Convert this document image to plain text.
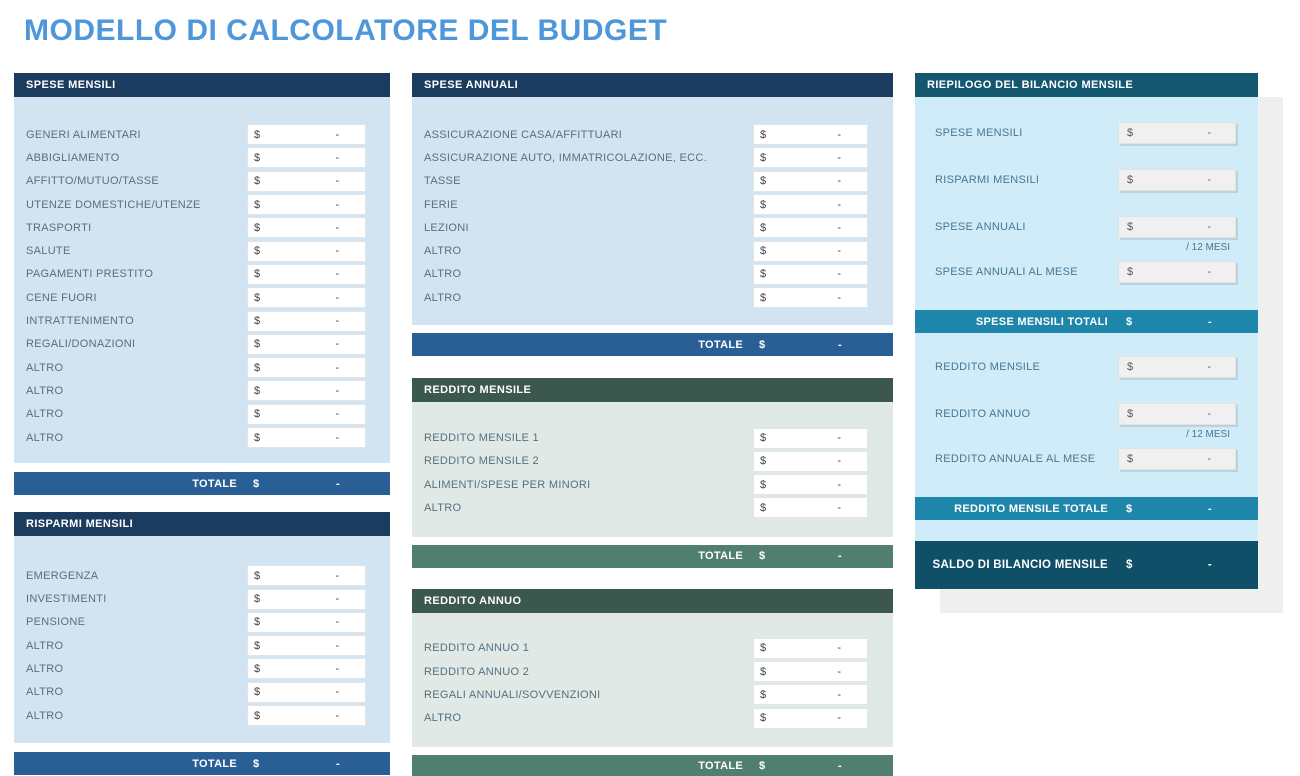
MODELLO DI CALCOLATORE DEL BUDGET
SPESE MENSILI
GENERI ALIMENTARI	$	-
ABBIGLIAMENTO	$	-
AFFITTO/MUTUO/TASSE	$	-
UTENZE DOMESTICHE/UTENZE	$	-
TRASPORTI	$	-
SALUTE	$	-
PAGAMENTI PRESTITO	$	-
CENE FUORI	$	-
INTRATTENIMENTO	$	-
REGALI/DONAZIONI	$	-
ALTRO	$	-
ALTRO	$	-
ALTRO	$	-
ALTRO	$	-
TOTALE	$	-
RISPARMI MENSILI
EMERGENZA	$	-
INVESTIMENTI	$	-
PENSIONE	$	-
ALTRO	$	-
ALTRO	$	-
ALTRO	$	-
ALTRO	$	-
TOTALE	$	-
SPESE ANNUALI
ASSICURAZIONE CASA/AFFITTUARI	$	-
ASSICURAZIONE AUTO, IMMATRICOLAZIONE, ECC.	$	-
TASSE	$	-
FERIE	$	-
LEZIONI	$	-
ALTRO	$	-
ALTRO	$	-
ALTRO	$	-
TOTALE	$	-
REDDITO MENSILE
REDDITO MENSILE 1	$	-
REDDITO MENSILE 2	$	-
ALIMENTI/SPESE PER MINORI	$	-
ALTRO	$	-
TOTALE	$	-
REDDITO ANNUO
REDDITO ANNUO 1	$	-
REDDITO ANNUO 2	$	-
REGALI ANNUALI/SOVVENZIONI	$	-
ALTRO	$	-
TOTALE	$	-
RIEPILOGO DEL BILANCIO MENSILE
SPESE MENSILI	$	-
RISPARMI MENSILI	$	-
SPESE ANNUALI	$	-
/ 12 MESI
SPESE ANNUALI AL MESE	$	-
SPESE MENSILI TOTALI	$	-
REDDITO MENSILE	$	-
REDDITO ANNUO	$	-
/ 12 MESI
REDDITO ANNUALE AL MESE	$	-
REDDITO MENSILE TOTALE	$	-
SALDO DI BILANCIO MENSILE	$	-
